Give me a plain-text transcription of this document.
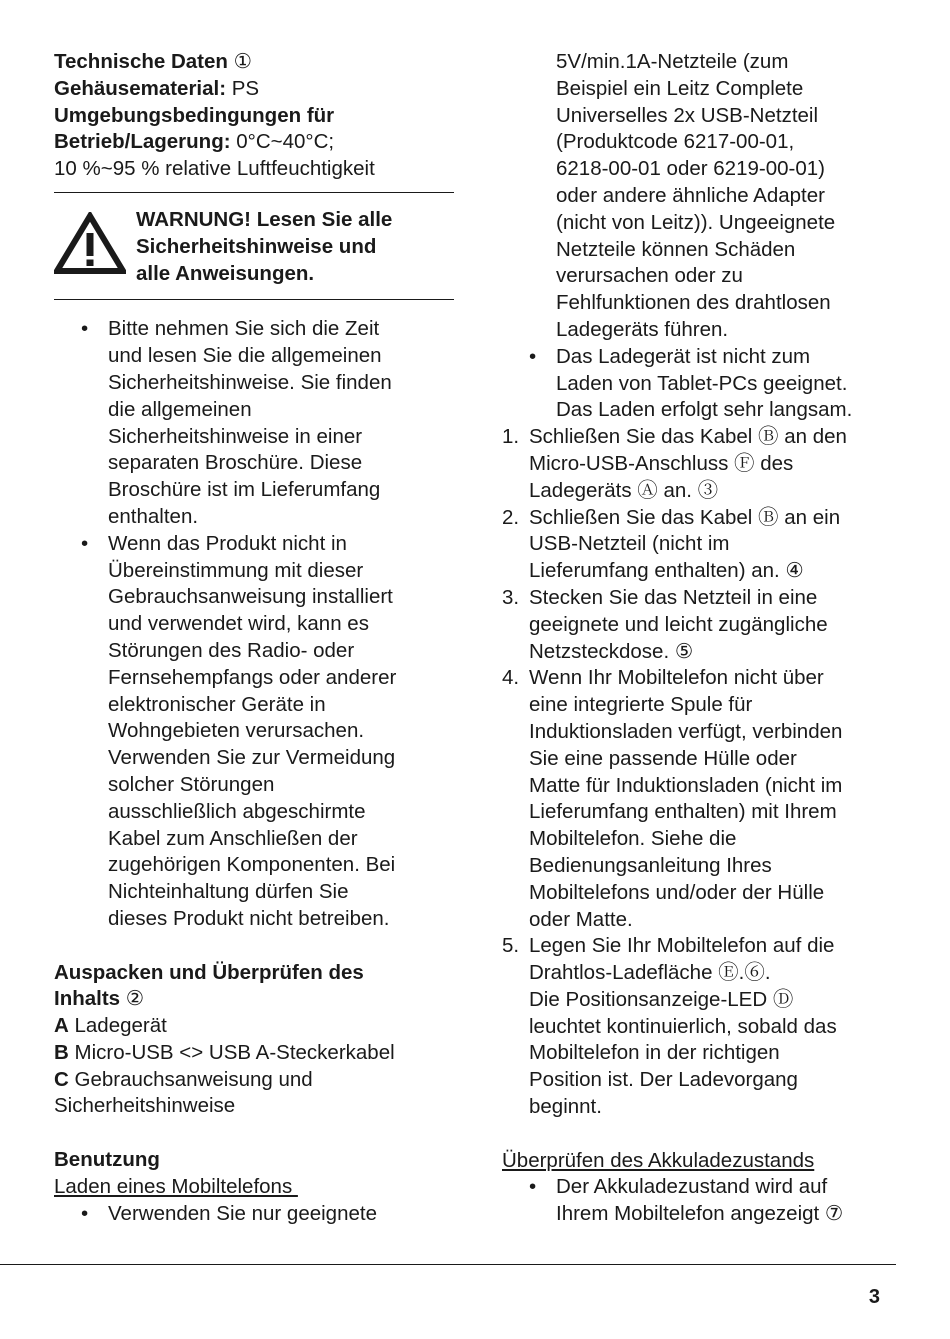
Technische Daten ①

Gehäusematerial: PS

Umgebungsbedingungen für

Betrieb/Lagerung: 0°C~40°C;

10 %~95 % relative Luftfeuchtigkeit

WARNUNG! Lesen Sie alle

Sicherheitshinweise und

alle Anweisungen.

• Bitte nehmen Sie sich die Zeit

und lesen Sie die allgemeinen

Sicherheitshinweise. Sie finden

die allgemeinen

Sicherheitshinweise in einer

separaten Broschüre. Diese

Broschüre ist im Lieferumfang

enthalten.

• Wenn das Produkt nicht in

Übereinstimmung mit dieser

Gebrauchsanweisung installiert

und verwendet wird, kann es

Störungen des Radio- oder

Fernsehempfangs oder anderer

elektronischer Geräte in

Wohngebieten verursachen.

Verwenden Sie zur Vermeidung

solcher Störungen

ausschließlich abgeschirmte

Kabel zum Anschließen der

zugehörigen Komponenten. Bei

Nichteinhaltung dürfen Sie

dieses Produkt nicht betreiben.

Auspacken und Überprüfen des

Inhalts ②

A Ladegerät

B Micro-USB <> USB A-Steckerkabel

C Gebrauchsanweisung und

Sicherheitshinweise

Benutzung

Laden eines Mobiltelefons

• Verwenden Sie nur geeignete

5V/min.1A-Netzteile (zum

Beispiel ein Leitz Complete

Universelles 2x USB-Netzteil

(Produktcode 6217-00-01,

6218-00-01 oder 6219-00-01)

oder andere ähnliche Adapter

(nicht von Leitz)). Ungeeignete

Netzteile können Schäden

verursachen oder zu

Fehlfunktionen des drahtlosen

Ladegeräts führen.

• Das Ladegerät ist nicht zum

Laden von Tablet-PCs geeignet.

Das Laden erfolgt sehr langsam.

1. Schließen Sie das Kabel Ⓑ an den

Micro-USB-Anschluss Ⓕ des

Ladegeräts Ⓐ an. ③

2. Schließen Sie das Kabel Ⓑ an ein

USB-Netzteil (nicht im

Lieferumfang enthalten) an. ④

3. Stecken Sie das Netzteil in eine

geeignete und leicht zugängliche

Netzsteckdose. ⑤

4. Wenn Ihr Mobiltelefon nicht über

eine integrierte Spule für

Induktionsladen verfügt, verbinden

Sie eine passende Hülle oder

Matte für Induktionsladen (nicht im

Lieferumfang enthalten) mit Ihrem

Mobiltelefon. Siehe die

Bedienungsanleitung Ihres

Mobiltelefons und/oder der Hülle

oder Matte.

5. Legen Sie Ihr Mobiltelefon auf die

Drahtlos-Ladefläche Ⓔ.⑥.

Die Positionsanzeige-LED Ⓓ

leuchtet kontinuierlich, sobald das

Mobiltelefon in der richtigen

Position ist. Der Ladevorgang

beginnt.

Überprüfen des Akkuladezustands

• Der Akkuladezustand wird auf

Ihrem Mobiltelefon angezeigt ⑦

3
